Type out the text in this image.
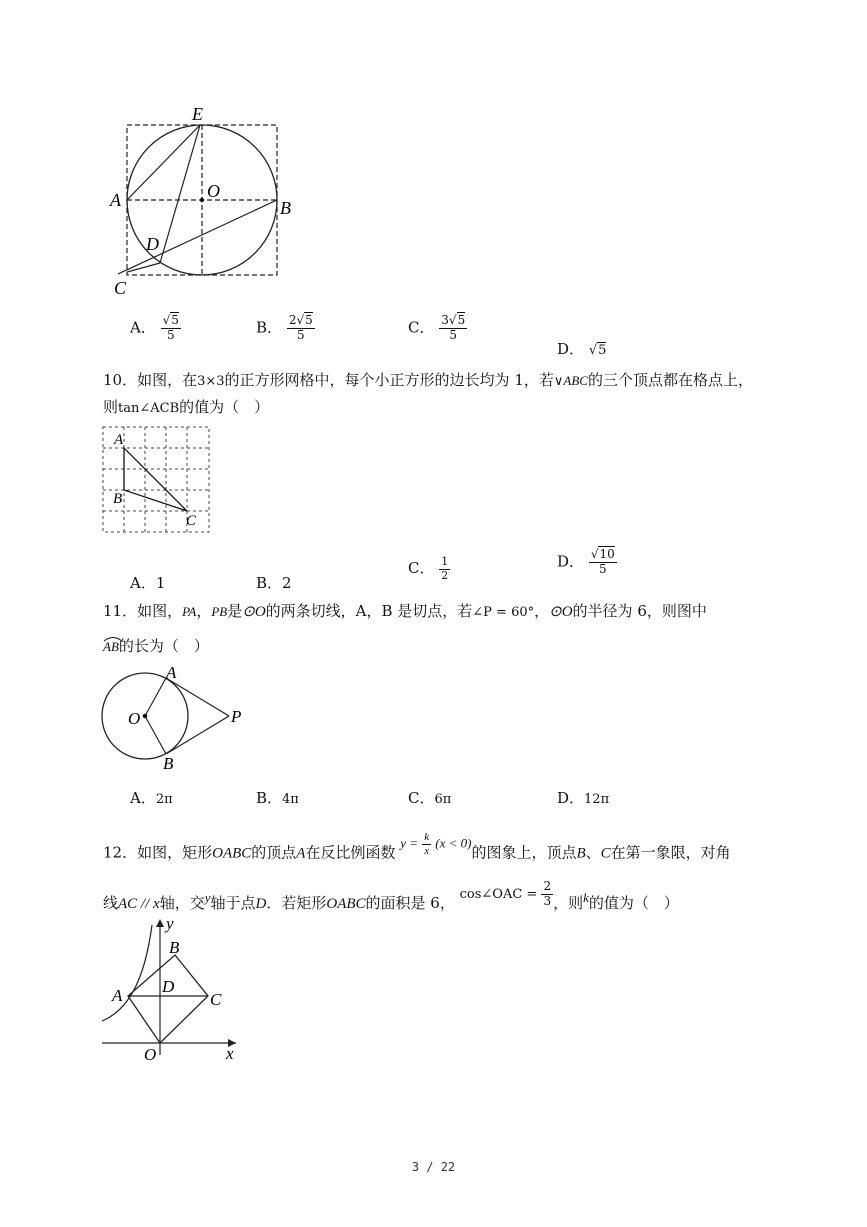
E
A	O
B
D
C
A． $\frac{√5}{5}$	B． $\frac{2√5}{5}$	C． $\frac{3√5}{5}$
D． √5
10．如图，在3×3的正方形网格中，每个小正方形的边长均为 1，若∨ABC的三个顶点都在格点上，
则tan∠ACB的值为（　）
A
B
C
A．1	B．2
C． $\frac{1}{2}$	D． $\frac{√10}{5}$
11．如图，PA，PB是⊙O的两条切线，A，B 是切点，若∠P = 60°，⊙O的半径为 6，则图中
AB的长为（　）
A
O	P
B
A．2π	B．4π	C．6π	D．12π
12．如图，矩形OABC的顶点A在反比例函数 $y = \frac{k}{x} (x < 0)$的图象上，顶点B、C在第一象限，对角
线AC // x轴，交y轴于点D．若矩形OABC的面积是 6， cos∠OAC = $\frac{2}{3}$ ，则k的值为（　）
y
B
A D
C
O	x
3 / 22
